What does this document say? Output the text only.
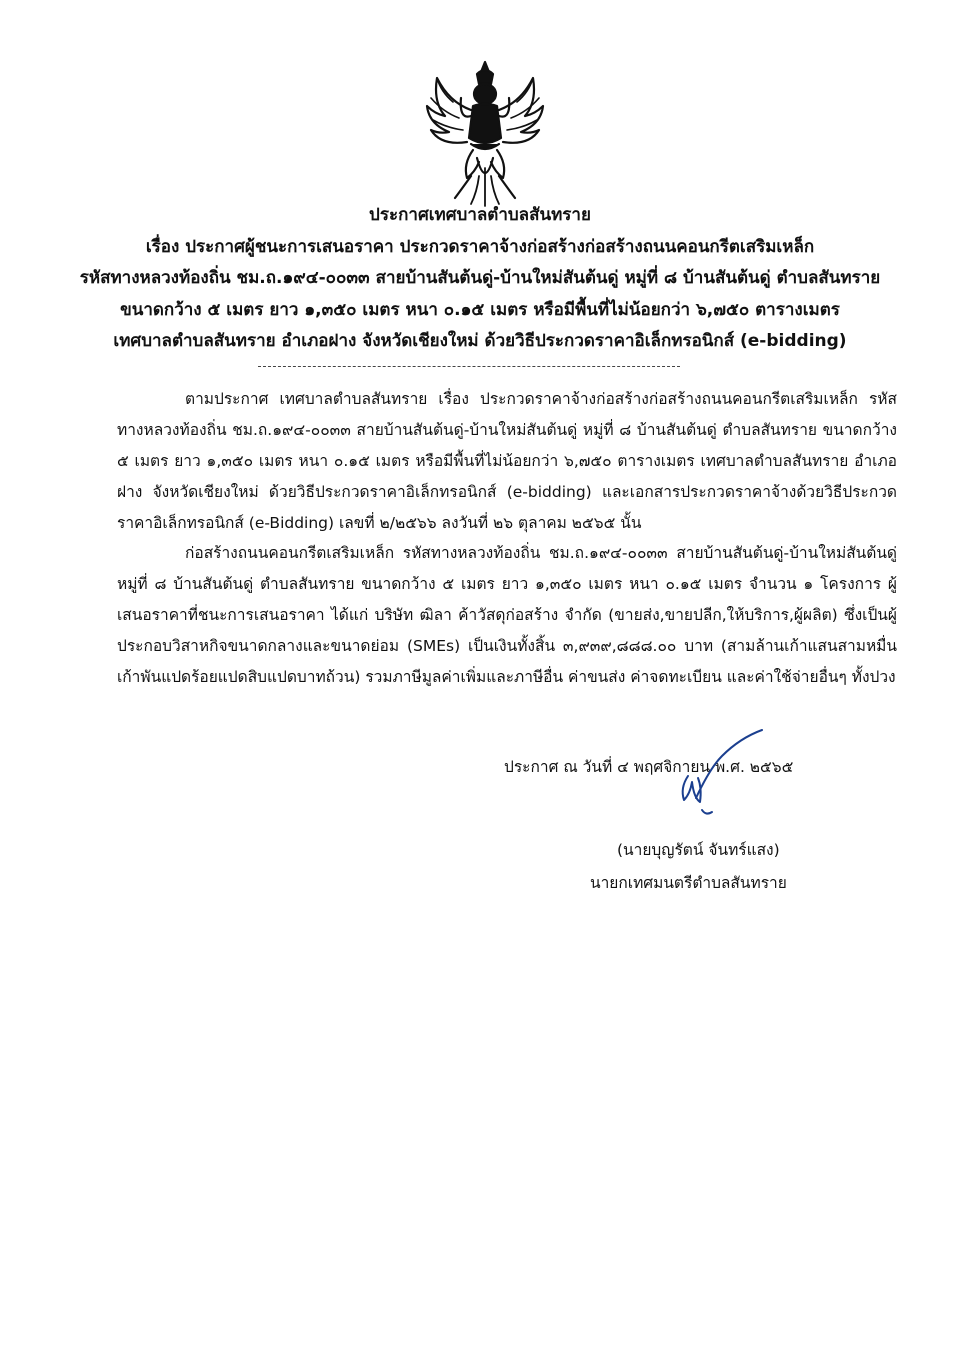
ประกาศเทศบาลตำบลสันทราย
เรื่อง ประกาศผู้ชนะการเสนอราคา ประกวดราคาจ้างก่อสร้างก่อสร้างถนนคอนกรีตเสริมเหล็ก
รหัสทางหลวงท้องถิ่น ชม.ถ.๑๙๔-๐๐๓๓ สายบ้านสันต้นดู่-บ้านใหม่สันต้นดู่ หมู่ที่ ๘ บ้านสันต้นดู่ ตำบลสันทราย
ขนาดกว้าง ๕ เมตร ยาว ๑,๓๕๐ เมตร หนา ๐.๑๕ เมตร หรือมีพื้นที่ไม่น้อยกว่า ๖,๗๕๐ ตารางเมตร
เทศบาลตำบลสันทราย อำเภอฝาง จังหวัดเชียงใหม่ ด้วยวิธีประกวดราคาอิเล็กทรอนิกส์ (e-bidding)
ตามประกาศ เทศบาลตำบลสันทราย เรื่อง ประกวดราคาจ้างก่อสร้างก่อสร้างถนนคอนกรีตเสริมเหล็ก รหัสทางหลวงท้องถิ่น ชม.ถ.๑๙๔-๐๐๓๓ สายบ้านสันต้นดู่-บ้านใหม่สันต้นดู่ หมู่ที่ ๘ บ้านสันต้นดู่ ตำบลสันทราย ขนาดกว้าง ๕ เมตร ยาว ๑,๓๕๐ เมตร หนา ๐.๑๕ เมตร หรือมีพื้นที่ไม่น้อยกว่า ๖,๗๕๐ ตารางเมตร เทศบาลตำบลสันทราย อำเภอฝาง จังหวัดเชียงใหม่ ด้วยวิธีประกวดราคาอิเล็กทรอนิกส์ (e-bidding) และเอกสารประกวดราคาจ้างด้วยวิธีประกวดราคาอิเล็กทรอนิกส์ (e-Bidding) เลขที่ ๒/๒๕๖๖ ลงวันที่ ๒๖ ตุลาคม ๒๕๖๕ นั้น
ก่อสร้างถนนคอนกรีตเสริมเหล็ก รหัสทางหลวงท้องถิ่น ชม.ถ.๑๙๔-๐๐๓๓ สายบ้านสันต้นดู่-บ้านใหม่สันต้นดู่ หมู่ที่ ๘ บ้านสันต้นดู่ ตำบลสันทราย ขนาดกว้าง ๕ เมตร ยาว ๑,๓๕๐ เมตร หนา ๐.๑๕ เมตร จำนวน ๑ โครงการ ผู้เสนอราคาที่ชนะการเสนอราคา ได้แก่ บริษัท ฒิลา ค้าวัสดุก่อสร้าง จำกัด (ขายส่ง,ขายปลีก,ให้บริการ,ผู้ผลิต) ซึ่งเป็นผู้ประกอบวิสาหกิจขนาดกลางและขนาดย่อม (SMEs) เป็นเงินทั้งสิ้น ๓,๙๓๙,๘๘๘.๐๐ บาท (สามล้านเก้าแสนสามหมื่นเก้าพันแปดร้อยแปดสิบแปดบาทถ้วน) รวมภาษีมูลค่าเพิ่มและภาษีอื่น ค่าขนส่ง ค่าจดทะเบียน และค่าใช้จ่ายอื่นๆ ทั้งปวง
ประกาศ ณ วันที่ ๔ พฤศจิกายน พ.ศ. ๒๕๖๕
(นายบุญรัตน์ จันทร์แสง)
นายกเทศมนตรีตำบลสันทราย
